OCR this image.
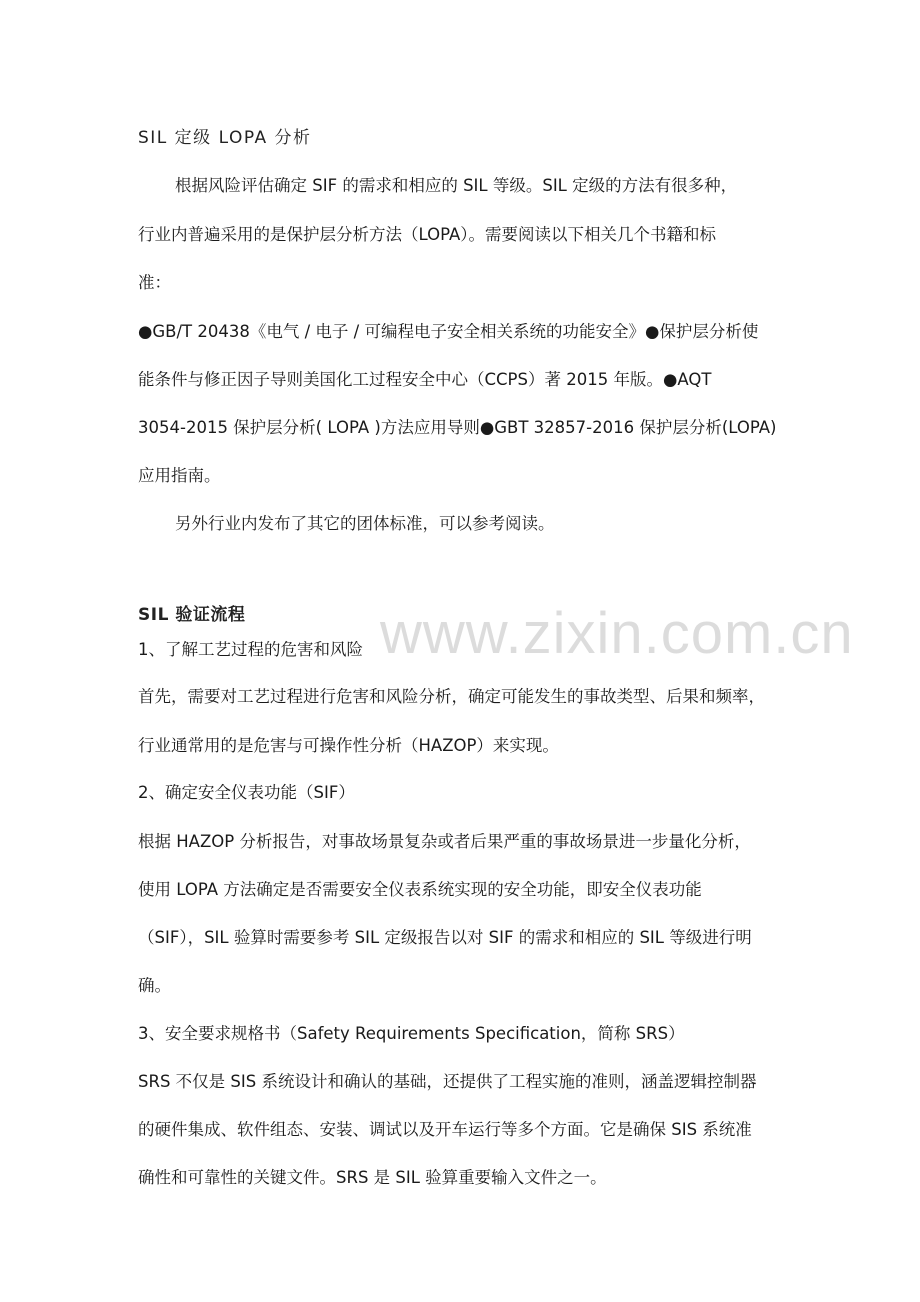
SIL 定级 LOPA 分析
根据风险评估确定 SIF 的需求和相应的 SIL 等级。SIL 定级的方法有很多种，
行业内普遍采用的是保护层分析方法（LOPA）。需要阅读以下相关几个书籍和标
准：
●GB/T 20438《电气 / 电子 / 可编程电子安全相关系统的功能安全》●保护层分析使
能条件与修正因子导则美国化工过程安全中心（CCPS）著 2015 年版。●AQT
3054-2015 保护层分析( LOPA )方法应用导则●GBT 32857-2016 保护层分析(LOPA)
应用指南。
另外行业内发布了其它的团体标准，可以参考阅读。
SIL 验证流程
1、了解工艺过程的危害和风险
首先，需要对工艺过程进行危害和风险分析，确定可能发生的事故类型、后果和频率，
行业通常用的是危害与可操作性分析（HAZOP）来实现。
2、确定安全仪表功能（SIF）
根据 HAZOP 分析报告，对事故场景复杂或者后果严重的事故场景进一步量化分析，
使用 LOPA 方法确定是否需要安全仪表系统实现的安全功能，即安全仪表功能
（SIF），SIL 验算时需要参考 SIL 定级报告以对 SIF 的需求和相应的 SIL 等级进行明
确。
3、安全要求规格书（Safety Requirements Specification，简称 SRS）
SRS 不仅是 SIS 系统设计和确认的基础，还提供了工程实施的准则，涵盖逻辑控制器
的硬件集成、软件组态、安装、调试以及开车运行等多个方面。它是确保 SIS 系统准
确性和可靠性的关键文件。SRS 是 SIL 验算重要输入文件之一。
www.zixin.com.cn
